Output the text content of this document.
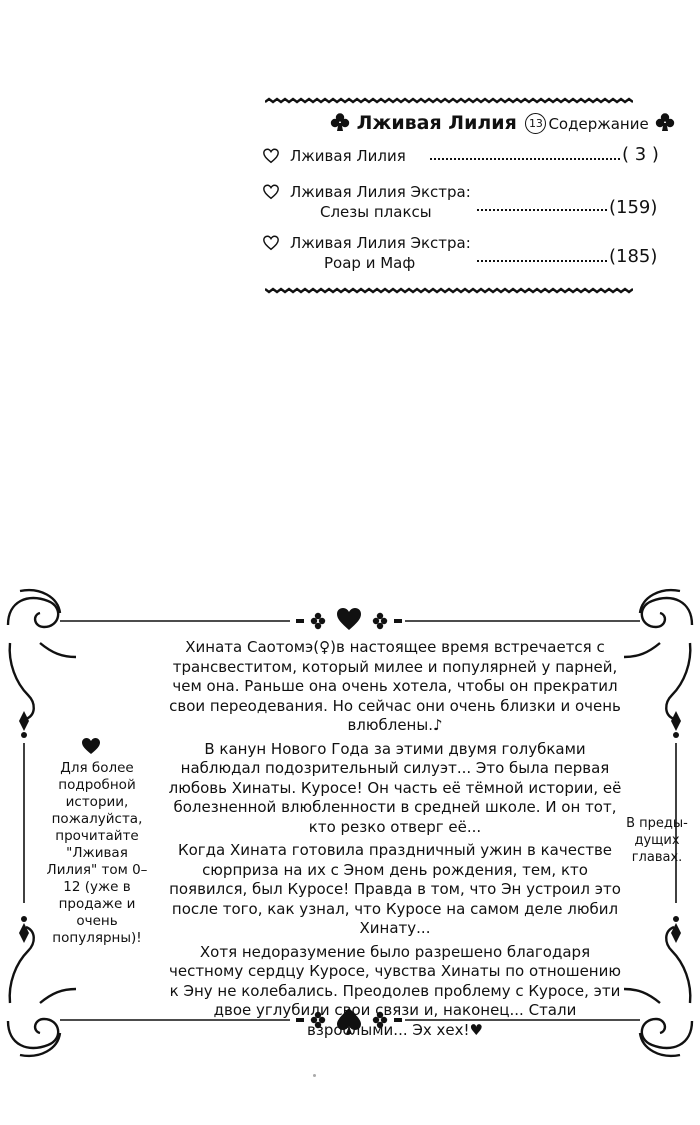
Лживая Лилия 13 Содержание
Лживая Лилия	( 3 )
Лживая Лилия Экстра:
Слезы плаксы	(159)
Лживая Лилия Экстра:
Роар и Маф	(185)
Для более подробной истории, пожалуйста, прочитайте "Лживая Лилия" том 0–12 (уже в продаже и очень популярны)!
В преды-дущих главах.

Хината Саотомэ(♀)в настоящее время встречается с трансвеститом, который милее и популярней у парней, чем она. Раньше она очень хотела, чтобы он прекратил свои переодевания. Но сейчас они очень близки и очень влюблены.♪

В канун Нового Года за этими двумя голубками наблюдал подозрительный силуэт... Это была первая любовь Хинаты. Куросе! Он часть её тёмной истории, её болезненной влюбленности в средней школе. И он тот, кто резко отверг её...

Когда Хината готовила праздничный ужин в качестве сюрприза на их с Эном день рождения, тем, кто появился, был Куросе! Правда в том, что Эн устроил это после того, как узнал, что Куросе на самом деле любил Хинату...

Хотя недоразумение было разрешено благодаря честному сердцу Куросе, чувства Хинаты по отношению к Эну не колебались. Преодолев проблему с Куросе, эти двое углубили свои связи и, наконец... Стали взрослыми... Эх хех!♥
